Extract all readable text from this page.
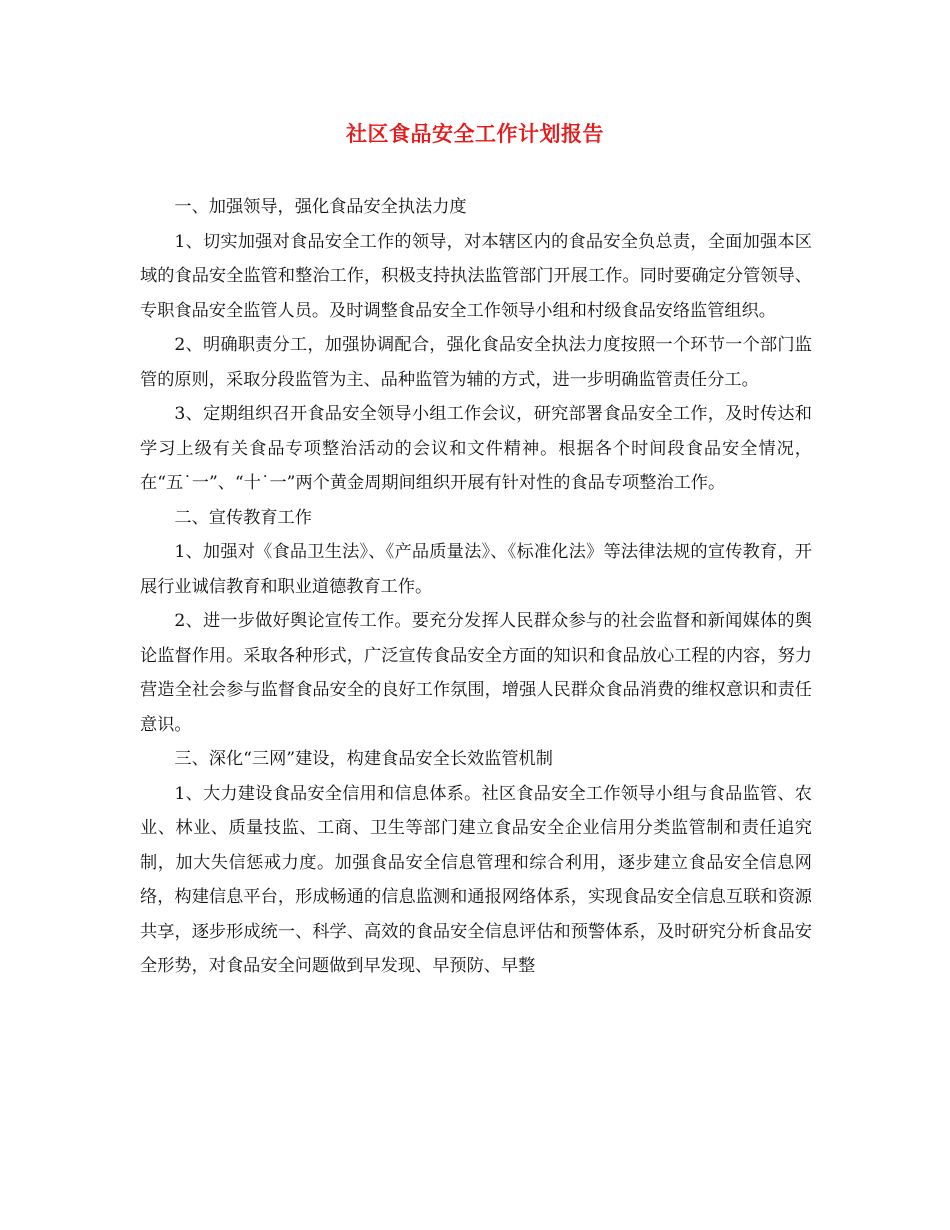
社区食品安全工作计划报告

一、加强领导，强化食品安全执法力度

1、切实加强对食品安全工作的领导，对本辖区内的食品安全负总责，全面加强本区域的食品安全监管和整治工作，积极支持执法监管部门开展工作。同时要确定分管领导、专职食品安全监管人员。及时调整食品安全工作领导小组和村级食品安络监管组织。

2、明确职责分工，加强协调配合，强化食品安全执法力度按照一个环节一个部门监管的原则，采取分段监管为主、品种监管为辅的方式，进一步明确监管责任分工。

3、定期组织召开食品安全领导小组工作会议，研究部署食品安全工作，及时传达和学习上级有关食品专项整治活动的会议和文件精神。根据各个时间段食品安全情况，在“五˙一”、“十˙一”两个黄金周期间组织开展有针对性的食品专项整治工作。

二、宣传教育工作

1、加强对《食品卫生法》、《产品质量法》、《标准化法》等法律法规的宣传教育，开展行业诚信教育和职业道德教育工作。

2、进一步做好舆论宣传工作。要充分发挥人民群众参与的社会监督和新闻媒体的舆论监督作用。采取各种形式，广泛宣传食品安全方面的知识和食品放心工程的内容，努力营造全社会参与监督食品安全的良好工作氛围，增强人民群众食品消费的维权意识和责任意识。

三、深化“三网”建设，构建食品安全长效监管机制

1、大力建设食品安全信用和信息体系。社区食品安全工作领导小组与食品监管、农业、林业、质量技监、工商、卫生等部门建立食品安全企业信用分类监管制和责任追究制，加大失信惩戒力度。加强食品安全信息管理和综合利用，逐步建立食品安全信息网络，构建信息平台，形成畅通的信息监测和通报网络体系，实现食品安全信息互联和资源共享，逐步形成统一、科学、高效的食品安全信息评估和预警体系，及时研究分析食品安全形势，对食品安全问题做到早发现、早预防、早整
